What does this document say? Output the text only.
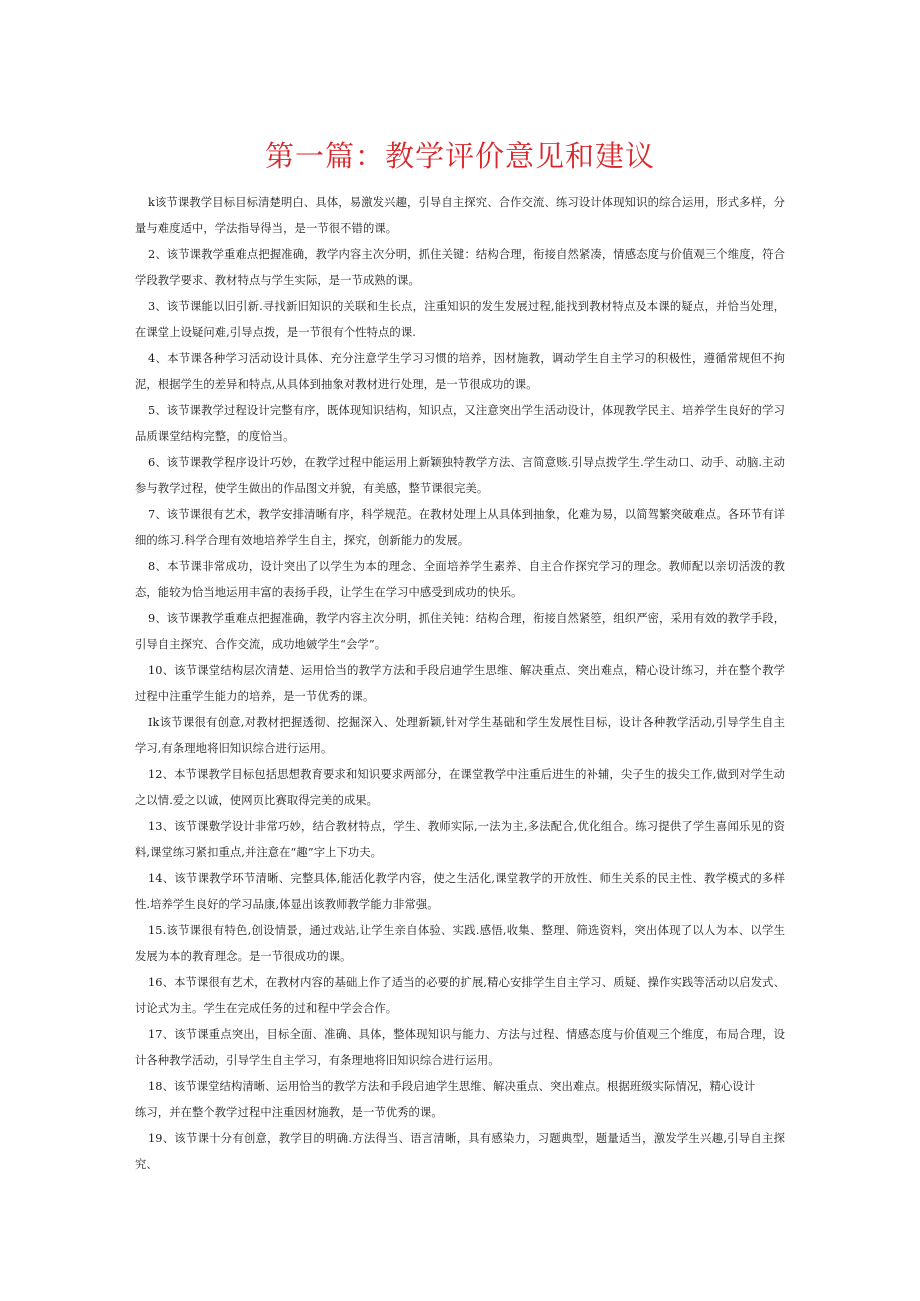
第一篇：教学评价意见和建议

k该节课教学目标目标清楚明白、具体，易激发兴趣，引导自主探究、合作交流、练习设计体现知识的综合运用，形式多样，分量与难度适中，学法指导得当，是一节很不错的课。

2、该节课教学重难点把握准确，教学内容主次分明，抓住关键：结构合理，衔接自然紧凑，情感态度与价值观三个维度，符合学段教学要求、教材特点与学生实际，是一节成熟的课。

3、该节课能以旧引新.寻找新旧知识的关联和生长点，注重知识的发生发展过程,能找到教材特点及本课的疑点，并恰当处理，在课堂上设疑问难,引导点拨，是一节很有个性特点的课.

4、本节课各种学习活动设计具体、充分注意学生学习习惯的培养，因材施教，调动学生自主学习的积极性，遵循常规但不拘泥，根据学生的差异和特点,从具体到抽象对教材进行处理，是一节很成功的课。

5、该节课教学过程设计完整有序，既体现知识结构，知识点，又注意突出学生活动设计，体现教学民主、培养学生良好的学习品质课堂结构完整，的度恰当。

6、该节课教学程序设计巧妙，在教学过程中能运用上新颖独特教学方法、言简意赅.引导点拨学生.学生动口、动手、动脑.主动参与教学过程，使学生做出的作品图文并貌，有美感，整节课很完美。

7、该节课很有艺术，教学安排清晰有序，科学规范。在教材处理上从具体到抽象，化难为易，以简驾繁突破难点。各环节有详细的练习.科学合理有效地培养学生自主，探究，创新能力的发展。

8、本节课非常成功，设计突出了以学生为本的理念、全面培养学生素养、自主合作探究学习的理念。教师配以亲切活泼的教态，能较为恰当地运用丰富的表扬手段，让学生在学习中感受到成功的快乐。

9、该节课教学重难点把握准确，教学内容主次分明，抓住关钝：结构合理，衔接自然紧箜，组织严密，采用有效的教学手段，引导自主探究、合作交流，成功地皴学生“会学”。

10、该节课堂结构层次清楚、运用恰当的教学方法和手段启迪学生思维、解决重点、突出难点，精心设计练习，并在整个教学过程中注重学生能力的培养，是一节优秀的课。

Ik该节课很有创意,对教材把握透彻、挖掘深入、处理新颖,针对学生基础和学生发展性目标，设计各种教学活动,引导学生自主学习,有条理地将旧知识综合进行运用。

12、本节课教学目标包括思想教育要求和知识要求两部分，在课堂教学中注重后进生的补辅，尖子生的拔尖工作,做到对学生动之以情.爱之以诚，使网页比赛取得完美的成果。

13、该节课敷学设计非常巧妙，结合教材特点，学生、教师实际,一法为主,多法配合,优化组合。练习提供了学生喜闻乐见的资料,课堂练习紧扣重点,并注意在“趣”字上下功夫。

14、该节课教学环节清晰、完整具体,能活化教学内容，使之生活化,课堂教学的开放性、师生关系的民主性、教学模式的多样性.培养学生良好的学习品康,体显出该教师教学能力非常强。

15.该节课很有特色,创设情景，通过戏站,让学生亲自体验、实践.感悟,收集、整理、筛选资料，突出体现了以人为本、以学生发展为本的教育理念。是一节很成功的课。

16、本节课很有艺术，在教材内容的基础上作了适当的必要的扩展,精心安排学生自主学习、质疑、操作实践等活动以启发式、讨论式为主。学生在完成任务的过和程中学会合作。

17、该节课重点突出，目标全面、准确、具体，整体现知识与能力、方法与过程、情感态度与价值观三个维度，布局合理，设计各种教学活动，引导学生自主学习，有条理地将旧知识综合进行运用。

18、该节课堂结构清晰、运用恰当的教学方法和手段启迪学生思维、解决重点、突出难点。根据班级实际情况，精心设计

练习，并在整个教学过程中注重因材施教，是一节优秀的课。

19、该节课十分有创意，教学目的明确.方法得当、语言清晰，具有感染力，习题典型，题量适当，激发学生兴趣,引导自主探究、
